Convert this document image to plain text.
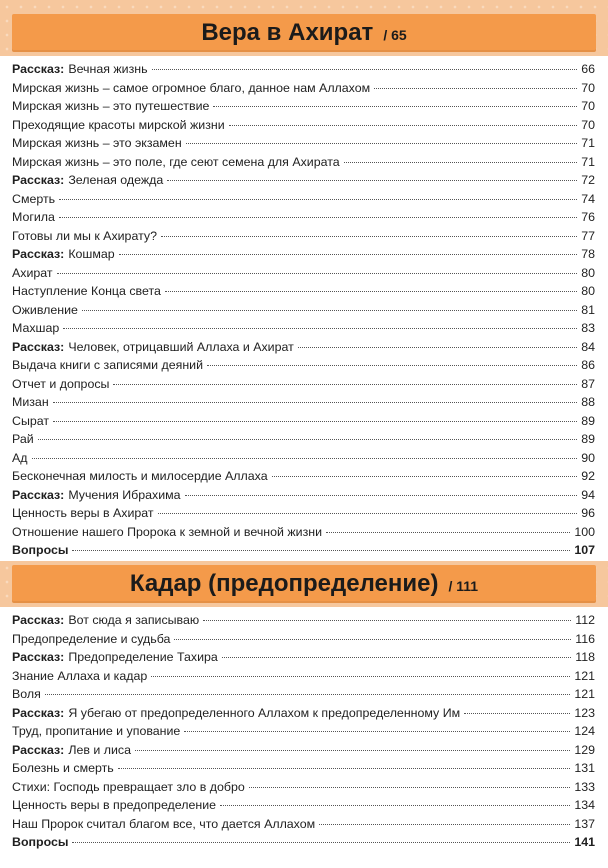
Вера в Ахират / 65
Рассказ: Вечная жизнь	66
Мирская жизнь – самое огромное благо, данное нам Аллахом	70
Мирская жизнь – это путешествие	70
Преходящие красоты мирской жизни	70
Мирская жизнь – это экзамен	71
Мирская жизнь – это поле, где сеют семена для Ахирата	71
Рассказ: Зеленая одежда	72
Смерть	74
Могила	76
Готовы ли мы к Ахирату?	77
Рассказ: Кошмар	78
Ахират	80
Наступление Конца света	80
Оживление	81
Махшар	83
Рассказ: Человек, отрицавший Аллаха и Ахират	84
Выдача книги с записями деяний	86
Отчет и допросы	87
Мизан	88
Сырат	89
Рай	89
Ад	90
Бесконечная милость и милосердие Аллаха	92
Рассказ: Мучения Ибрахима	94
Ценность веры в Ахират	96
Отношение нашего Пророка к земной и вечной жизни	100
Вопросы	107
Кадар (предопределение) / 111
Рассказ: Вот сюда я записываю	112
Предопределение и судьба	116
Рассказ: Предопределение Тахира	118
Знание Аллаха и кадар	121
Воля	121
Рассказ: Я убегаю от предопределенного Аллахом к предопределенному Им	123
Труд, пропитание и упование	124
Рассказ: Лев и лиса	129
Болезнь и смерть	131
Стихи: Господь превращает зло в добро	133
Ценность веры в предопределение	134
Наш Пророк считал благом все, что дается Аллахом	137
Вопросы	141
